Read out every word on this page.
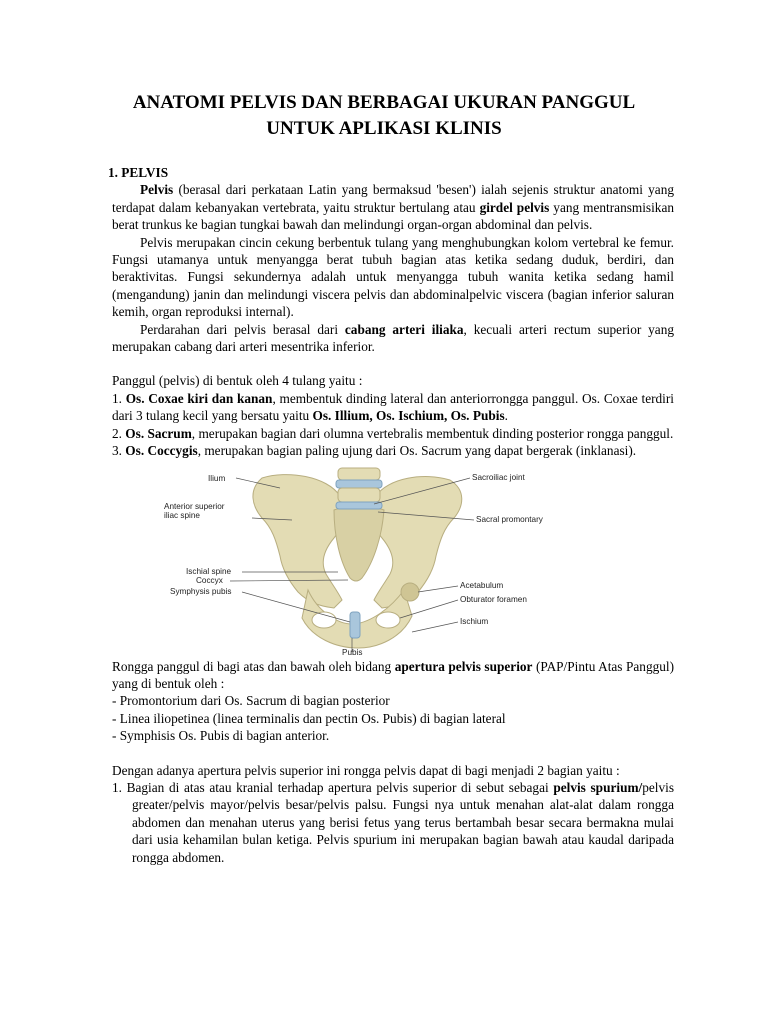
ANATOMI PELVIS DAN BERBAGAI UKURAN PANGGUL
UNTUK APLIKASI KLINIS

1. PELVIS

Pelvis (berasal dari perkataan Latin yang bermaksud 'besen') ialah sejenis struktur anatomi yang terdapat dalam kebanyakan vertebrata, yaitu struktur bertulang atau girdel pelvis yang mentransmisikan berat trunkus ke bagian tungkai bawah dan melindungi organ-organ abdominal dan pelvis.

Pelvis merupakan cincin cekung berbentuk tulang yang menghubungkan kolom vertebral ke femur. Fungsi utamanya untuk menyangga berat tubuh bagian atas ketika sedang duduk, berdiri, dan beraktivitas. Fungsi sekundernya adalah untuk menyangga tubuh wanita ketika sedang hamil (mengandung) janin dan melindungi viscera pelvis dan abdominalpelvic viscera (bagian inferior saluran kemih, organ reproduksi internal).

Perdarahan dari pelvis berasal dari cabang arteri iliaka, kecuali arteri rectum superior yang merupakan cabang dari arteri mesentrika inferior.

Panggul (pelvis) di bentuk oleh 4 tulang yaitu :

1. Os. Coxae kiri dan kanan, membentuk dinding lateral dan anteriorrongga panggul. Os. Coxae terdiri dari 3 tulang kecil yang bersatu yaitu Os. Illium, Os. Ischium, Os. Pubis.

2. Os. Sacrum, merupakan bagian dari olumna vertebralis membentuk dinding posterior rongga panggul.

3. Os. Coccygis, merupakan bagian paling ujung dari Os. Sacrum yang dapat bergerak (inklanasi).

Ilium
Anterior superior
iliac spine
Ischial spine
Coccyx
Symphysis pubis
Pubis
Sacroiliac joint
Sacral promontary
Acetabulum
Obturator foramen
Ischium

Rongga panggul di bagi atas dan bawah oleh bidang apertura pelvis superior (PAP/Pintu Atas Panggul) yang di bentuk oleh :

- Promontorium dari Os. Sacrum di bagian posterior

- Linea iliopetinea (linea terminalis dan pectin Os. Pubis) di bagian lateral

- Symphisis Os. Pubis di bagian anterior.

Dengan adanya apertura pelvis superior ini rongga pelvis dapat di bagi menjadi 2 bagian yaitu :

1. Bagian di atas atau kranial terhadap apertura pelvis superior di sebut sebagai pelvis spurium/pelvis greater/pelvis mayor/pelvis besar/pelvis palsu. Fungsi nya untuk menahan alat-alat dalam rongga abdomen dan menahan uterus yang berisi fetus yang terus bertambah besar secara bermakna mulai dari usia kehamilan bulan ketiga. Pelvis spurium ini merupakan bagian bawah atau kaudal daripada rongga abdomen.
